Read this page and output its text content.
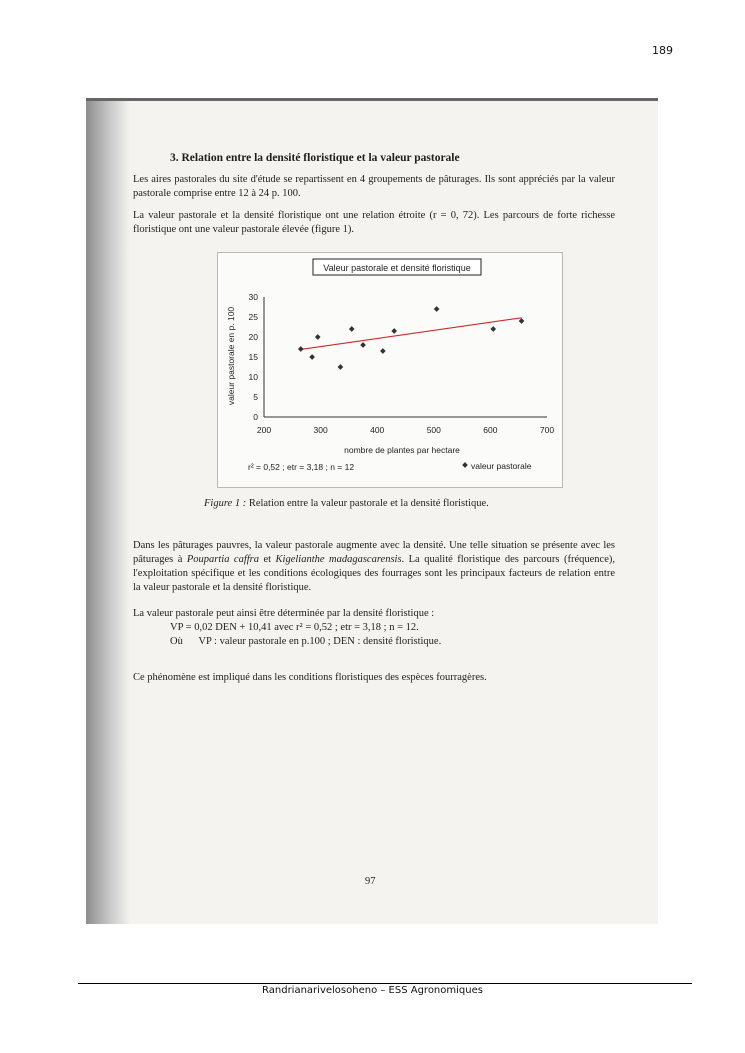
189
3. Relation entre la densité floristique et la valeur pastorale
Les aires pastorales du site d'étude se repartissent en 4 groupements de pâturages. Ils sont appréciés par la valeur pastorale comprise entre 12 à 24 p. 100.
La valeur pastorale et la densité floristique ont une relation étroite (r = 0, 72). Les parcours de forte richesse floristique ont une valeur pastorale élevée (figure 1).
Valeur pastorale et densité floristique
0
5
10
15
20
25
30
200	300	400	500	600	700
valeur pastorale en p. 100
nombre de plantes par hectare
r² = 0,52 ; etr = 3,18 ; n = 12	valeur pastorale
Figure 1 : Relation entre la valeur pastorale et la densité floristique.
Dans les pâturages pauvres, la valeur pastorale augmente avec la densité. Une telle situation se présente avec les pâturages à Poupartia caffra et Kigelianthe madagascarensis. La qualité floristique des parcours (fréquence), l'exploitation spécifique et les conditions écologiques des fourrages sont les principaux facteurs de relation entre la valeur pastorale et la densité floristique.
La valeur pastorale peut ainsi être déterminée par la densité floristique :
VP = 0,02 DEN + 10,41 avec r² = 0,52 ; etr = 3,18 ; n = 12.
Où      VP : valeur pastorale en p.100 ; DEN : densité floristique.
Ce phénomène est impliqué dans les conditions floristiques des espèces fourragères.
97
Randrianarivelosoheno – ESS Agronomiques
